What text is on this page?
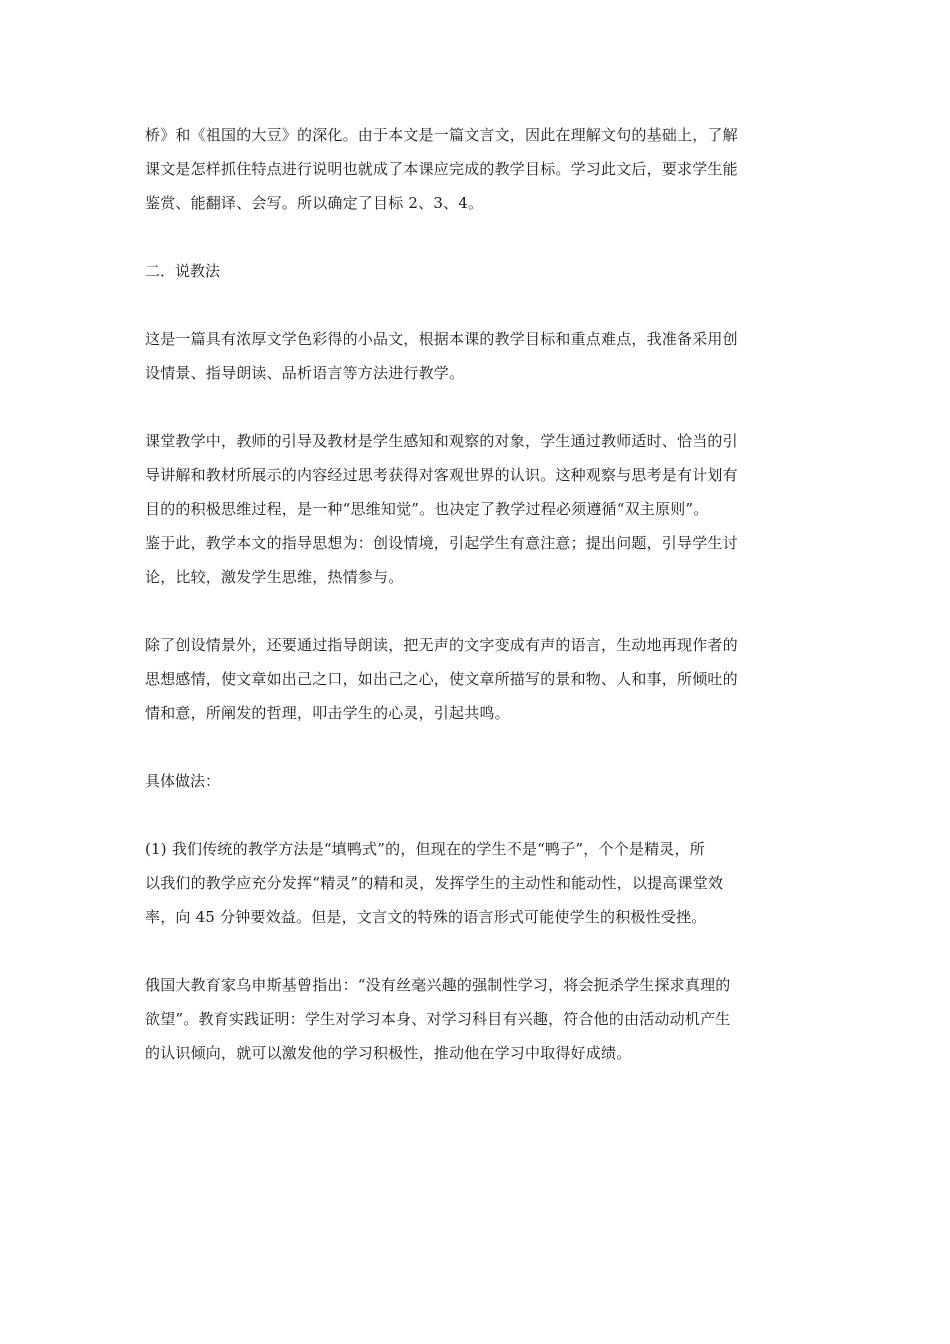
桥》和《祖国的大豆》的深化。由于本文是一篇文言文，因此在理解文句的基础上，了解
课文是怎样抓住特点进行说明也就成了本课应完成的教学目标。学习此文后，要求学生能
鉴赏、能翻译、会写。所以确定了目标 2、3、4。

二．说教法

这是一篇具有浓厚文学色彩得的小品文，根据本课的教学目标和重点难点，我准备采用创
设情景、指导朗读、品析语言等方法进行教学。

课堂教学中，教师的引导及教材是学生感知和观察的对象，学生通过教师适时、恰当的引
导讲解和教材所展示的内容经过思考获得对客观世界的认识。这种观察与思考是有计划有
目的的积极思维过程，是一种“思维知觉”。也决定了教学过程必须遵循“双主原则”。
鉴于此，教学本文的指导思想为：创设情境，引起学生有意注意；提出问题，引导学生讨
论，比较，激发学生思维，热情参与。

除了创设情景外，还要通过指导朗读，把无声的文字变成有声的语言，生动地再现作者的
思想感情，使文章如出己之口，如出己之心，使文章所描写的景和物、人和事，所倾吐的
情和意，所阐发的哲理，叩击学生的心灵，引起共鸣。

具体做法：

(1) 我们传统的教学方法是“填鸭式”的，但现在的学生不是“鸭子”，个个是精灵，所
以我们的教学应充分发挥“精灵”的精和灵，发挥学生的主动性和能动性，以提高课堂效
率，向 45 分钟要效益。但是，文言文的特殊的语言形式可能使学生的积极性受挫。

俄国大教育家乌申斯基曾指出：“没有丝毫兴趣的强制性学习，将会扼杀学生探求真理的
欲望”。教育实践证明：学生对学习本身、对学习科目有兴趣，符合他的由活动动机产生
的认识倾向，就可以激发他的学习积极性，推动他在学习中取得好成绩。
